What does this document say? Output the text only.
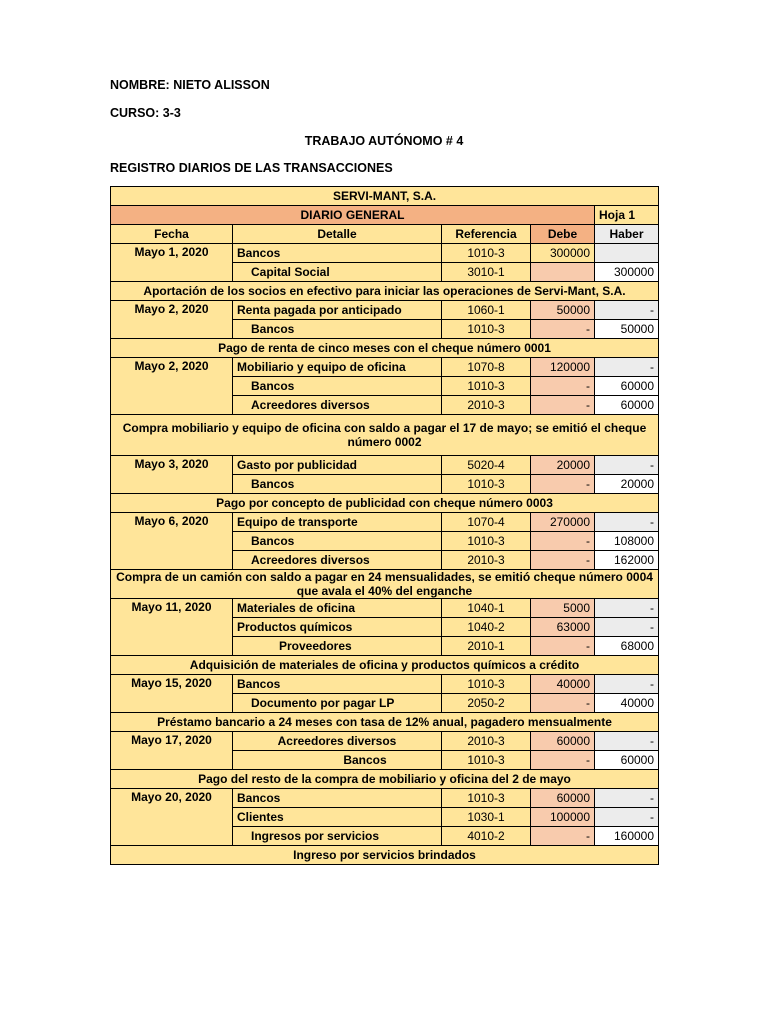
NOMBRE: NIETO ALISSON
CURSO: 3-3
TRABAJO AUTÓNOMO # 4
REGISTRO DIARIOS DE LAS TRANSACCIONES
SERVI-MANT, S.A.				
DIARIO GENERAL				Hoja 1
Fecha	Detalle	Referencia	Debe	Haber
Mayo 1, 2020	Bancos	1010-3	300000	
	Capital Social	3010-1		300000
Aportación de los socios en efectivo para iniciar las operaciones de Servi-Mant, S.A.				
Mayo 2, 2020	Renta pagada por anticipado	1060-1	50000	-
	Bancos	1010-3	-	50000
Pago de renta de cinco meses con el cheque número 0001				
Mayo 2, 2020	Mobiliario y equipo de oficina	1070-8	120000	-
	Bancos	1010-3	-	60000
	Acreedores diversos	2010-3	-	60000
Compra mobiliario y equipo de oficina con saldo a pagar el 17 de mayo; se emitió el cheque número 0002				
Mayo 3, 2020	Gasto por publicidad	5020-4	20000	-
	Bancos	1010-3	-	20000
Pago por concepto de publicidad con cheque número 0003				
Mayo 6, 2020	Equipo de transporte	1070-4	270000	-
	Bancos	1010-3	-	108000
	Acreedores diversos	2010-3	-	162000
Compra de un camión con saldo a pagar en 24 mensualidades, se emitió cheque número 0004 que avala el 40% del enganche				
Mayo 11, 2020	Materiales de oficina	1040-1	5000	-
	Productos químicos	1040-2	63000	-
	Proveedores	2010-1	-	68000
Adquisición de materiales de oficina y productos químicos a crédito				
Mayo 15, 2020	Bancos	1010-3	40000	-
	Documento por pagar LP	2050-2	-	40000
Préstamo bancario a 24 meses con tasa de 12% anual, pagadero mensualmente				
Mayo 17, 2020	Acreedores diversos	2010-3	60000	-
	Bancos	1010-3	-	60000
Pago del resto de la compra de mobiliario y oficina del 2 de mayo				
Mayo 20, 2020	Bancos	1010-3	60000	-
	Clientes	1030-1	100000	-
	Ingresos por servicios	4010-2	-	160000
Ingreso por servicios brindados				
